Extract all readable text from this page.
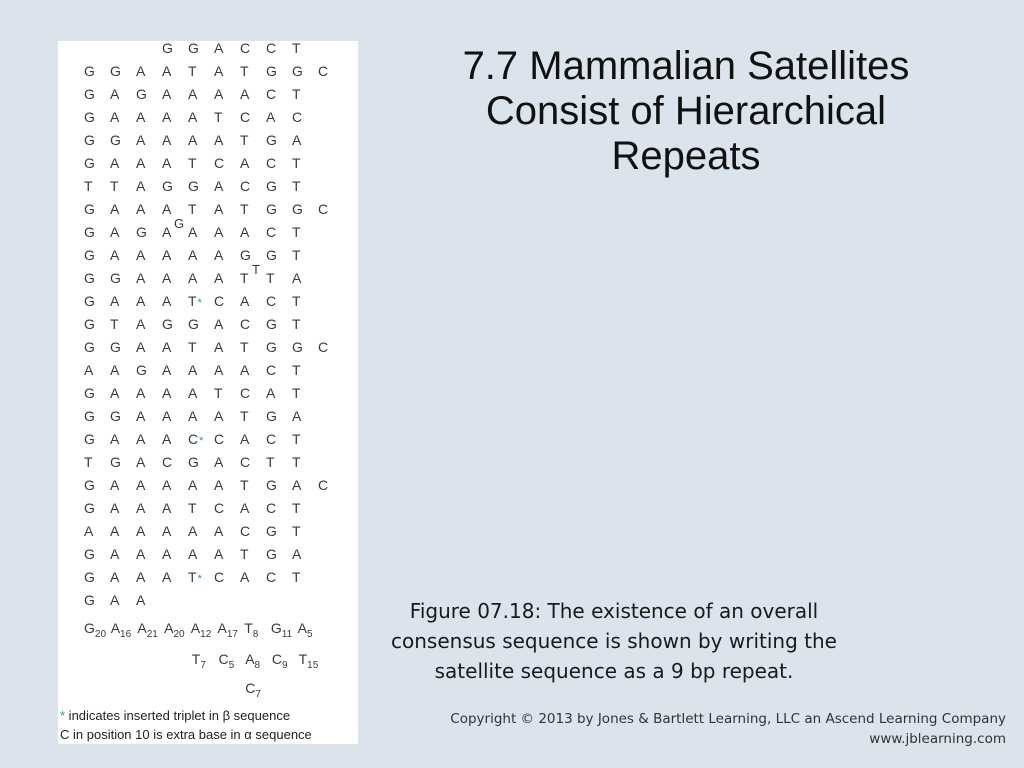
G G A C C T
G G A A T A T G G C
G A G A A A A C T
G A A A A T C A C
G G A A A A T G A
G A A A T C A C T
T T A G G A C G T
G A A A T A T G G C
G A G A A A A C T
G A A A A A G G T
G G A A A A T T A
G A A A T* C A C T
G T A G G A C G T
G G A A T A T G G C
A A G A A A A C T
G A A A A T C A T
G G A A A A T G A
G A A A C* C A C T
T G A C G A C T T
G A A A A A T G A C
G A A A T C A C T
A A A A A A C G T
G A A A A A T G A
G A A A T* C A C T
G A A
G
T
$G_{20}$ $A_{16}$ $A_{21}$ $A_{20}$ $A_{12}$ $A_{17}$ $T_8$ $G_{11}$ $A_5$
$T_7$ $C_5$ $A_8$ $C_9$ $T_{15}$
$C_7$
* indicates inserted triplet in β sequence
C in position 10 is extra base in α sequence
7.7 Mammalian Satellites
Consist of Hierarchical
Repeats
Figure 07.18: The existence of an overall
consensus sequence is shown by writing the
satellite sequence as a 9 bp repeat.
Copyright © 2013 by Jones & Bartlett Learning, LLC an Ascend Learning Company
www.jblearning.com
